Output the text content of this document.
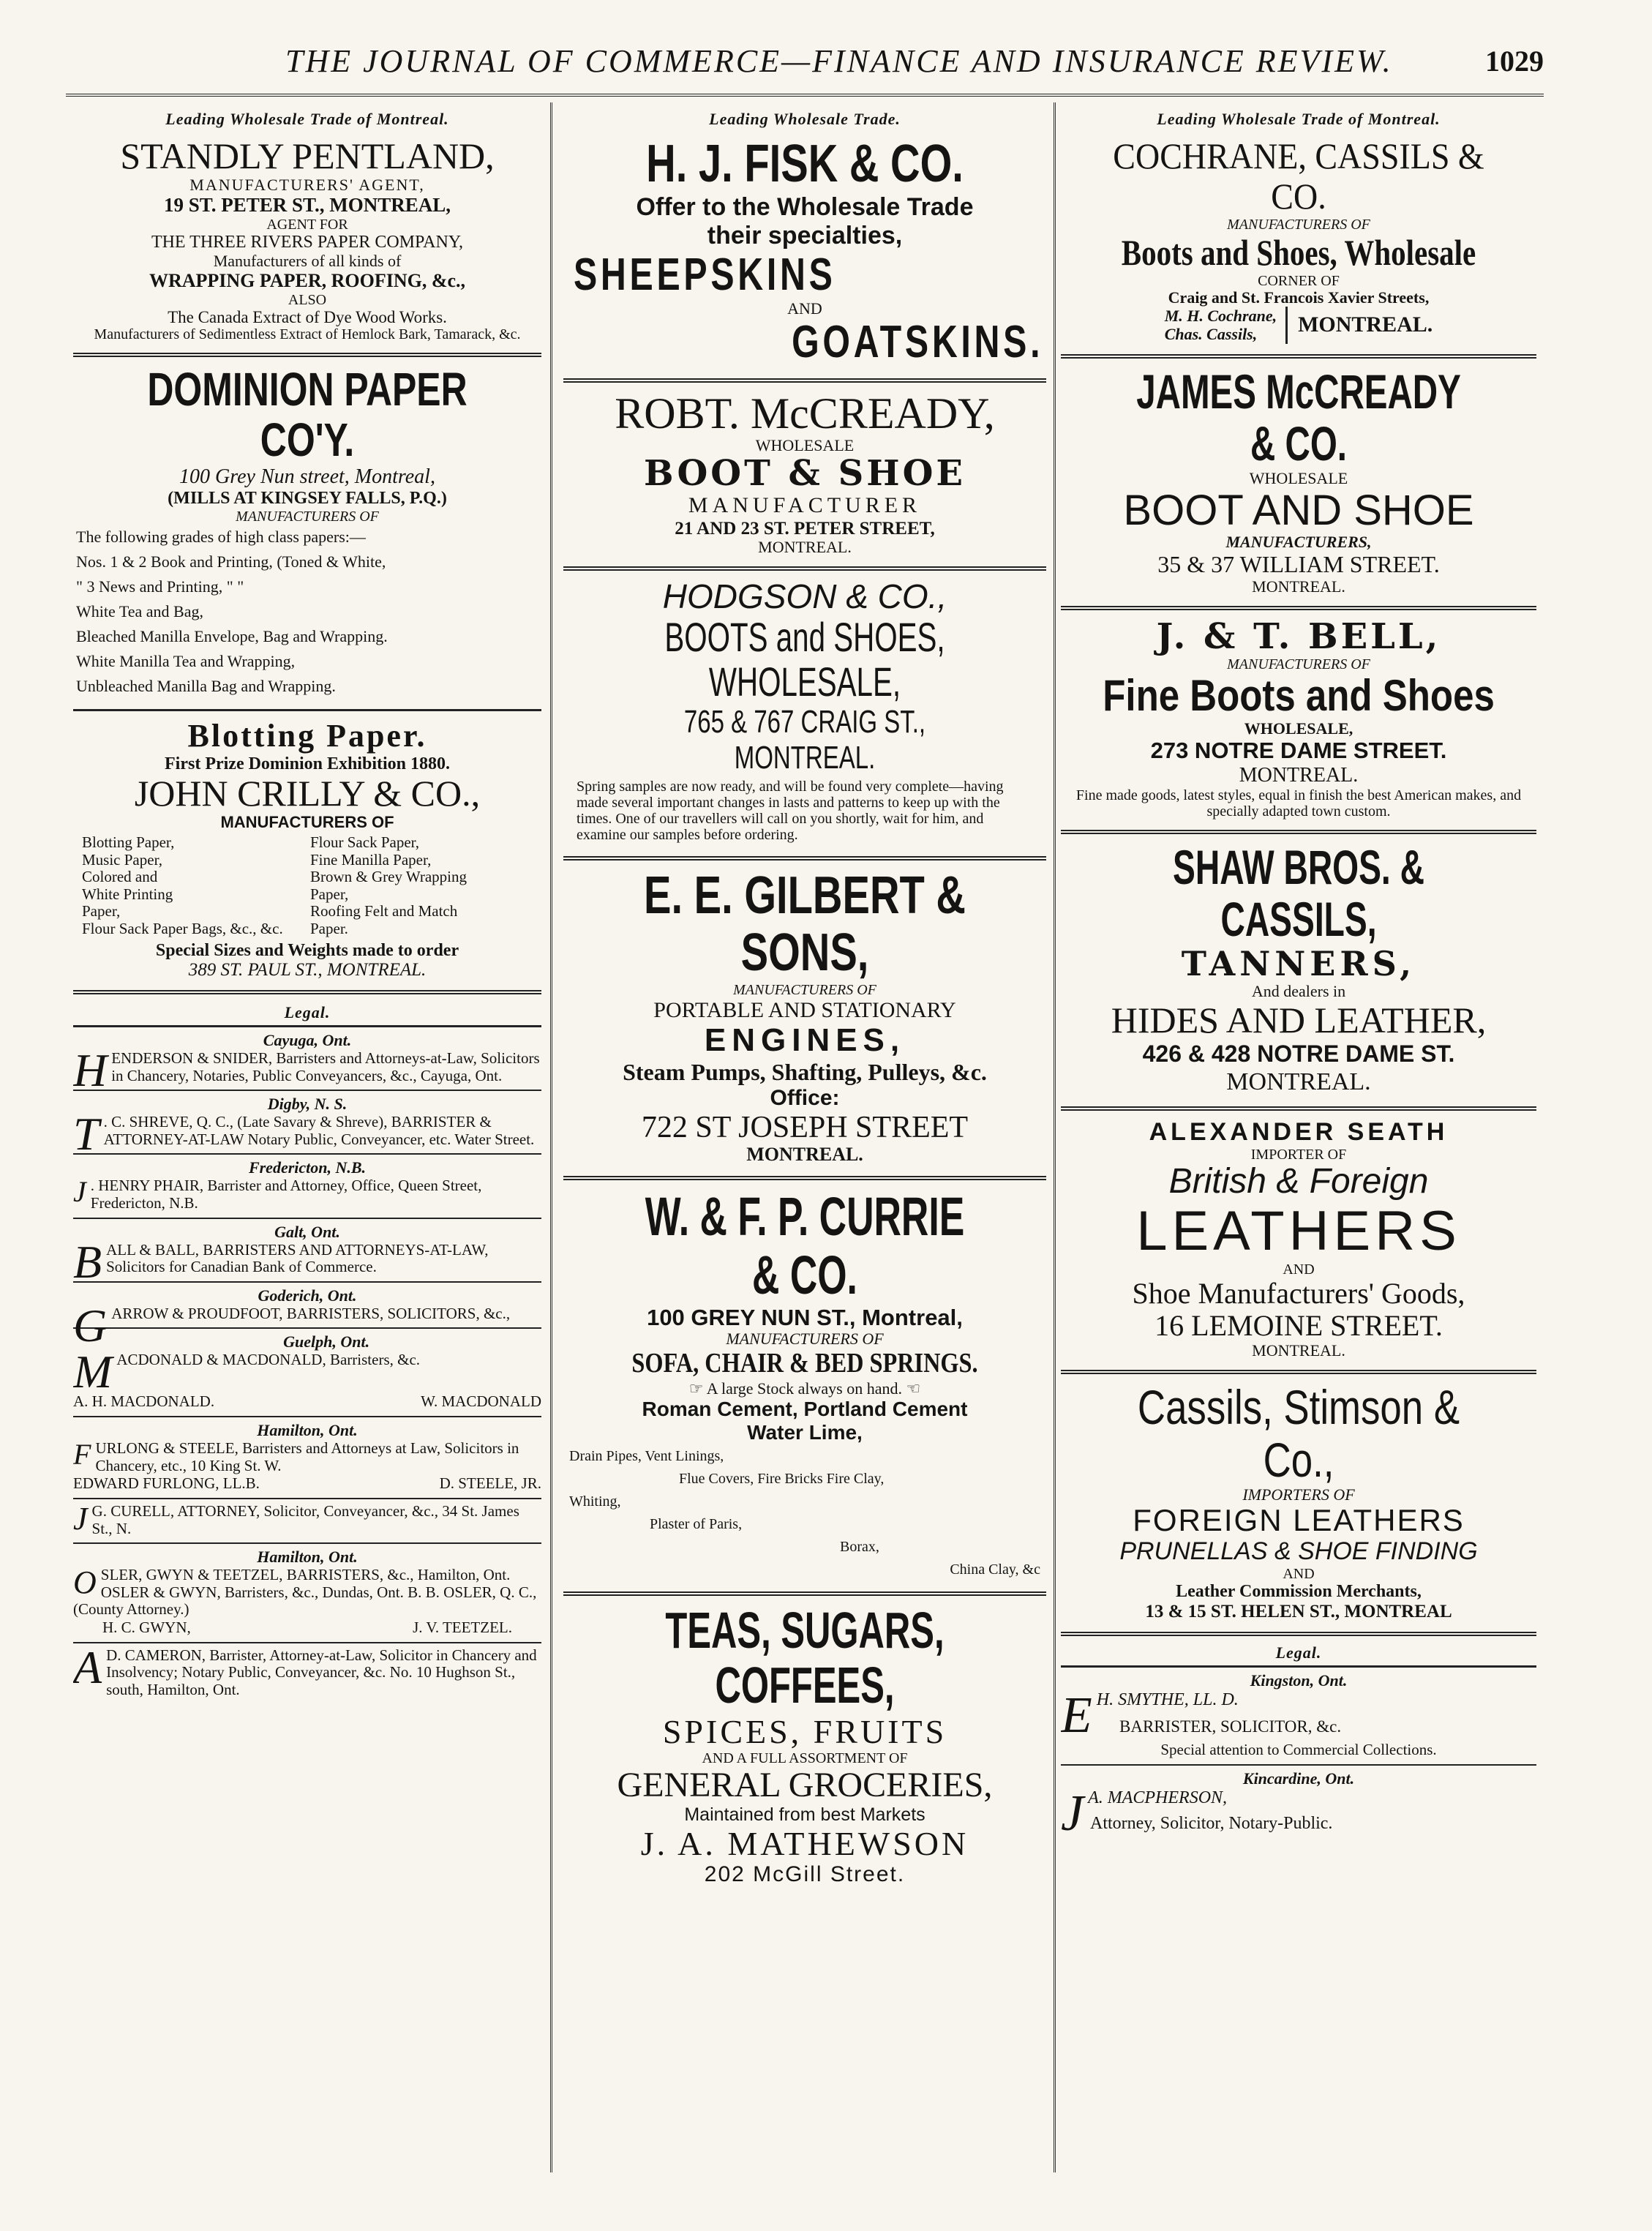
THE JOURNAL OF COMMERCE—FINANCE AND INSURANCE REVIEW.	1029
Leading Wholesale Trade of Montreal.
STANDLY PENTLAND,
MANUFACTURERS' AGENT,
19 ST. PETER ST., MONTREAL,
AGENT FOR
THE THREE RIVERS PAPER COMPANY,
Manufacturers of all kinds of
WRAPPING PAPER, ROOFING, &c.,
ALSO
The Canada Extract of Dye Wood Works.
Manufacturers of Sedimentless Extract of Hemlock Bark, Tamarack, &c.
DOMINION PAPER CO'Y.
100 Grey Nun street, Montreal,
(MILLS AT KINGSEY FALLS, P.Q.)
MANUFACTURERS OF
The following grades of high class papers:—
Nos. 1 & 2 Book and Printing, (Toned & White,
" 3 News and Printing, " "
White Tea and Bag,
Bleached Manilla Envelope, Bag and Wrapping.
White Manilla Tea and Wrapping,
Unbleached Manilla Bag and Wrapping.
Blotting Paper.
First Prize Dominion Exhibition 1880.
JOHN CRILLY & CO.,
MANUFACTURERS OF
Blotting Paper,	Flour Sack Paper,
Music Paper,	Fine Manilla Paper,
Colored and	Brown & Grey Wrapping
White Printing	Paper,
Paper,	Roofing Felt and Match
Flour Sack Paper Bags, &c., &c.	Paper.
Special Sizes and Weights made to order
389 ST. PAUL ST., MONTREAL.
Legal.
Cayuga, Ont.
H ENDERSON & SNIDER, Barristers and Attorneys-at-Law, Solicitors in Chancery, Notaries, Public Conveyancers, &c., Cayuga, Ont.
Digby, N. S.
T . C. SHREVE, Q. C., (Late Savary & Shreve), BARRISTER & ATTORNEY-AT-LAW Notary Public, Conveyancer, etc. Water Street.
Fredericton, N.B.
J . HENRY PHAIR, Barrister and Attorney, Office, Queen Street, Fredericton, N.B.
Galt, Ont.
B ALL & BALL, BARRISTERS AND ATTORNEYS-AT-LAW, Solicitors for Canadian Bank of Commerce.
Goderich, Ont.
G ARROW & PROUDFOOT, BARRISTERS, SOLICITORS, &c.,
Guelph, Ont.
M ACDONALD & MACDONALD, Barristers, &c.
A. H. MACDONALD.	W. MACDONALD
Hamilton, Ont.
F URLONG & STEELE, Barristers and Attorneys at Law, Solicitors in Chancery, etc., 10 King St. W.
EDWARD FURLONG, LL.B.	D. STEELE, JR.
J G. CURELL, ATTORNEY, Solicitor, Conveyancer, &c., 34 St. James St., N.
Hamilton, Ont.
O SLER, GWYN & TEETZEL, BARRISTERS, &c., Hamilton, Ont. OSLER & GWYN, Barristers, &c., Dundas, Ont. B. B. OSLER, Q. C., (County Attorney.)
H. C. GWYN,	J. V. TEETZEL.
A D. CAMERON, Barrister, Attorney-at-Law, Solicitor in Chancery and Insolvency; Notary Public, Conveyancer, &c. No. 10 Hughson St., south, Hamilton, Ont.
Leading Wholesale Trade.
H. J. FISK & CO.
Offer to the Wholesale Trade
their specialties,
SHEEPSKINS
AND
GOATSKINS.
ROBT. McCREADY,
WHOLESALE
BOOT & SHOE
MANUFACTURER
21 AND 23 ST. PETER STREET,
MONTREAL.
HODGSON & CO.,
BOOTS and SHOES, WHOLESALE,
765 & 767 CRAIG ST., MONTREAL.
Spring samples are now ready, and will be found very complete—having made several important changes in lasts and patterns to keep up with the times. One of our travellers will call on you shortly, wait for him, and examine our samples before ordering.
E. E. GILBERT & SONS,
MANUFACTURERS OF
PORTABLE AND STATIONARY
ENGINES,
Steam Pumps, Shafting, Pulleys, &c.
Office:
722 ST JOSEPH STREET
MONTREAL.
W. & F. P. CURRIE & CO.
100 GREY NUN ST., Montreal,
MANUFACTURERS OF
SOFA, CHAIR & BED SPRINGS.
☞ A large Stock always on hand. ☜
Roman Cement, Portland Cement
Water Lime,
Drain Pipes, Vent Linings,
Flue Covers, Fire Bricks Fire Clay,
Whiting,
Plaster of Paris,
Borax,
China Clay, &c
TEAS, SUGARS, COFFEES,
SPICES, FRUITS
AND A FULL ASSORTMENT OF
GENERAL GROCERIES,
Maintained from best Markets
J. A. MATHEWSON
202 McGill Street.
Leading Wholesale Trade of Montreal.
COCHRANE, CASSILS & CO.
MANUFACTURERS OF
Boots and Shoes, Wholesale
CORNER OF
Craig and St. Francois Xavier Streets,
M. H. Cochrane,
Chas. Cassils,	MONTREAL.
JAMES McCREADY & CO.
WHOLESALE
BOOT AND SHOE
MANUFACTURERS,
35 & 37 WILLIAM STREET.
MONTREAL.
J. & T. BELL,
MANUFACTURERS OF
Fine Boots and Shoes
WHOLESALE,
273 NOTRE DAME STREET.
MONTREAL.
Fine made goods, latest styles, equal in finish the best American makes, and specially adapted town custom.
SHAW BROS. & CASSILS,
TANNERS,
And dealers in
HIDES AND LEATHER,
426 & 428 NOTRE DAME ST.
MONTREAL.
ALEXANDER SEATH
IMPORTER OF
British & Foreign
LEATHERS
AND
Shoe Manufacturers' Goods,
16 LEMOINE STREET.
MONTREAL.
Cassils, Stimson & Co.,
IMPORTERS OF
FOREIGN LEATHERS
PRUNELLAS & SHOE FINDING
AND
Leather Commission Merchants,
13 & 15 ST. HELEN ST., MONTREAL
Legal.
Kingston, Ont.
E H. SMYTHE, LL. D.
BARRISTER, SOLICITOR, &c.
Special attention to Commercial Collections.
Kincardine, Ont.
J A. MACPHERSON,
Attorney, Solicitor, Notary-Public.
